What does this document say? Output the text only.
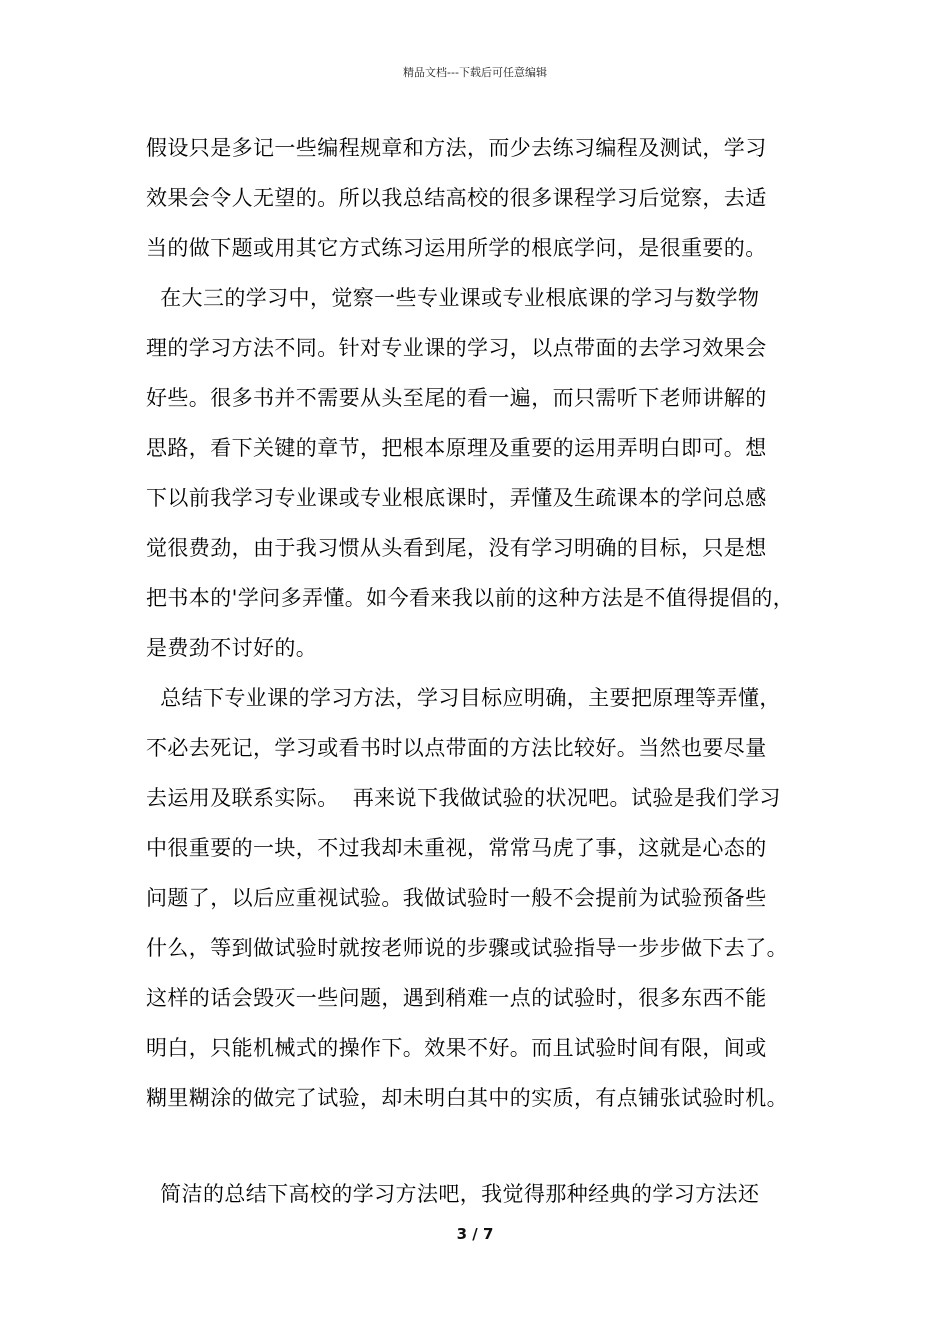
精品文档---下载后可任意编辑
假设只是多记一些编程规章和方法，而少去练习编程及测试，学习
效果会令人无望的。所以我总结高校的很多课程学习后觉察，去适
当的做下题或用其它方式练习运用所学的根底学问，是很重要的。
在大三的学习中，觉察一些专业课或专业根底课的学习与数学物
理的学习方法不同。针对专业课的学习，以点带面的去学习效果会
好些。很多书并不需要从头至尾的看一遍，而只需听下老师讲解的
思路，看下关键的章节，把根本原理及重要的运用弄明白即可。想
下以前我学习专业课或专业根底课时，弄懂及生疏课本的学问总感
觉很费劲，由于我习惯从头看到尾，没有学习明确的目标，只是想
把书本的'学问多弄懂。如今看来我以前的这种方法是不值得提倡的，
是费劲不讨好的。
总结下专业课的学习方法，学习目标应明确，主要把原理等弄懂，
不必去死记，学习或看书时以点带面的方法比较好。当然也要尽量
去运用及联系实际。  再来说下我做试验的状况吧。试验是我们学习
中很重要的一块，不过我却未重视，常常马虎了事，这就是心态的
问题了，以后应重视试验。我做试验时一般不会提前为试验预备些
什么，等到做试验时就按老师说的步骤或试验指导一步步做下去了。
这样的话会毁灭一些问题，遇到稍难一点的试验时，很多东西不能
明白，只能机械式的操作下。效果不好。而且试验时间有限，间或
糊里糊涂的做完了试验，却未明白其中的实质，有点铺张试验时机。
简洁的总结下高校的学习方法吧，我觉得那种经典的学习方法还
3 / 7
